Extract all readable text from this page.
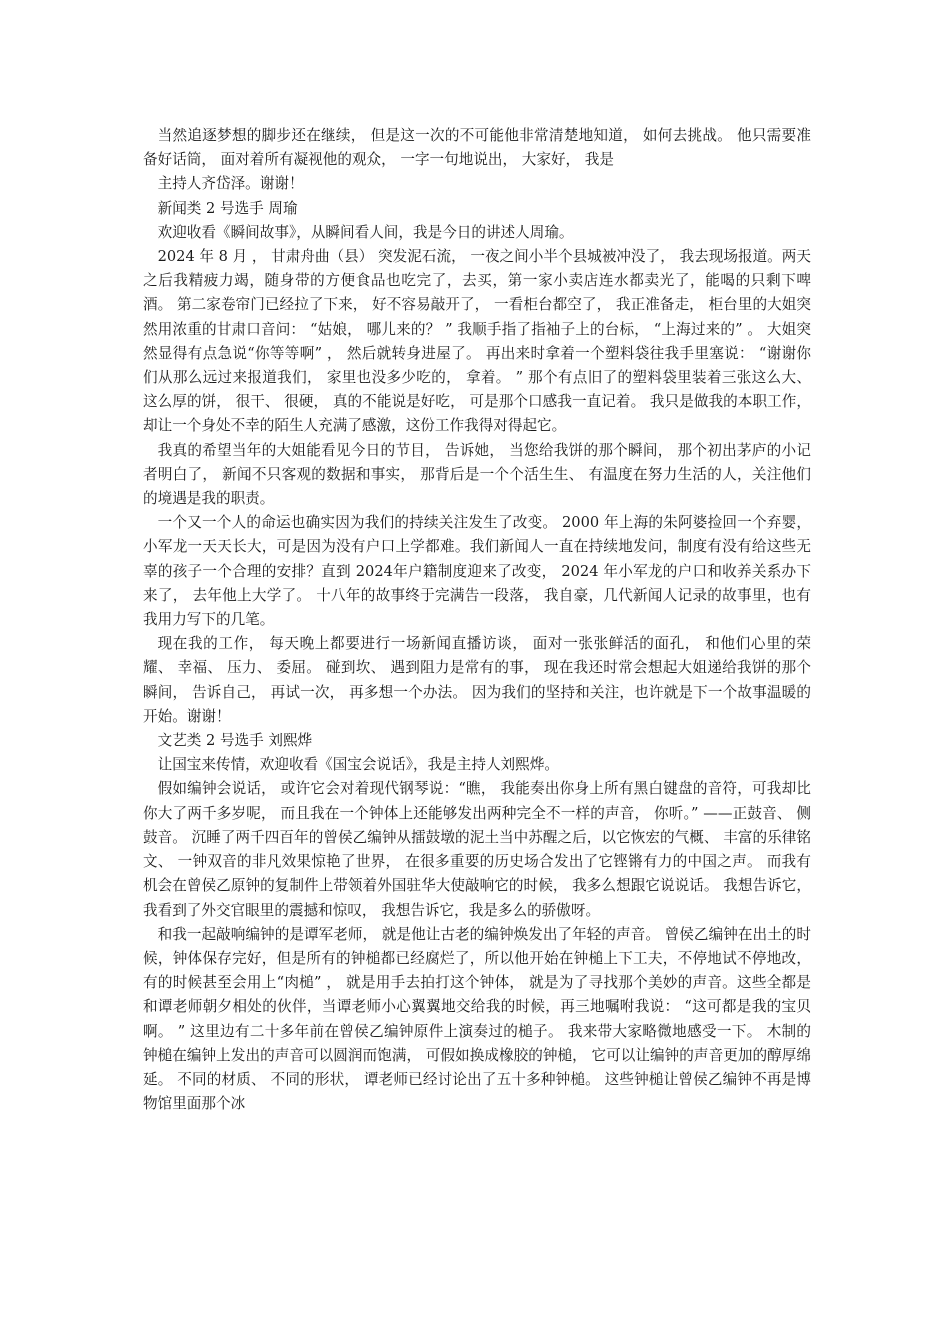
当然追逐梦想的脚步还在继续， 但是这一次的不可能他非常清楚地知道， 如何去挑战。 他只需要准备好话筒， 面对着所有凝视他的观众， 一字一句地说出， 大家好， 我是

主持人齐岱泽。谢谢！

新闻类 2 号选手 周瑜

欢迎收看《瞬间故事》，从瞬间看人间，我是今日的讲述人周瑜。

2024 年 8 月 ， 甘肃舟曲（县） 突发泥石流， 一夜之间小半个县城被冲没了， 我去现场报道。两天之后我精疲力竭，随身带的方便食品也吃完了，去买，第一家小卖店连水都卖光了，能喝的只剩下啤酒。 第二家卷帘门已经拉了下来， 好不容易敲开了， 一看柜台都空了， 我正准备走， 柜台里的大姐突然用浓重的甘肃口音问： “姑娘， 哪儿来的？ ” 我顺手指了指袖子上的台标， “上海过来的” 。 大姐突然显得有点急说“你等等啊” ， 然后就转身进屋了。 再出来时拿着一个塑料袋往我手里塞说： “谢谢你们从那么远过来报道我们， 家里也没多少吃的， 拿着。 ” 那个有点旧了的塑料袋里装着三张这么大、 这么厚的饼， 很干、 很硬， 真的不能说是好吃， 可是那个口感我一直记着。 我只是做我的本职工作， 却让一个身处不幸的陌生人充满了感激，这份工作我得对得起它。

我真的希望当年的大姐能看见今日的节目， 告诉她， 当您给我饼的那个瞬间， 那个初出茅庐的小记者明白了， 新闻不只客观的数据和事实， 那背后是一个个活生生、 有温度在努力生活的人，关注他们的境遇是我的职责。

一个又一个人的命运也确实因为我们的持续关注发生了改变。 2000 年上海的朱阿婆捡回一个弃婴，小军龙一天天长大，可是因为没有户口上学都难。我们新闻人一直在持续地发问，制度有没有给这些无辜的孩子一个合理的安排？直到 2024年户籍制度迎来了改变， 2024 年小军龙的户口和收养关系办下来了， 去年他上大学了。 十八年的故事终于完满告一段落， 我自豪，几代新闻人记录的故事里，也有我用力写下的几笔。

现在我的工作， 每天晚上都要进行一场新闻直播访谈， 面对一张张鲜活的面孔， 和他们心里的荣耀、 幸福、 压力、 委屈。 碰到坎、 遇到阻力是常有的事， 现在我还时常会想起大姐递给我饼的那个瞬间， 告诉自己， 再试一次， 再多想一个办法。 因为我们的坚持和关注，也许就是下一个故事温暖的开始。谢谢！

文艺类 2 号选手 刘熙烨

让国宝来传情，欢迎收看《国宝会说话》，我是主持人刘熙烨。

假如编钟会说话， 或许它会对着现代钢琴说：“瞧， 我能奏出你身上所有黑白键盘的音符，可我却比你大了两千多岁呢， 而且我在一个钟体上还能够发出两种完全不一样的声音， 你听。” ——正鼓音、 侧鼓音。 沉睡了两千四百年的曾侯乙编钟从擂鼓墩的泥土当中苏醒之后，以它恢宏的气概、 丰富的乐律铭文、 一钟双音的非凡效果惊艳了世界， 在很多重要的历史场合发出了它铿锵有力的中国之声。 而我有机会在曾侯乙原钟的复制件上带领着外国驻华大使敲响它的时候， 我多么想跟它说说话。 我想告诉它， 我看到了外交官眼里的震撼和惊叹， 我想告诉它，我是多么的骄傲呀。

和我一起敲响编钟的是谭军老师， 就是他让古老的编钟焕发出了年轻的声音。 曾侯乙编钟在出土的时候，钟体保存完好，但是所有的钟槌都已经腐烂了，所以他开始在钟槌上下工夫，不停地试不停地改， 有的时候甚至会用上“肉槌” ， 就是用手去拍打这个钟体， 就是为了寻找那个美妙的声音。这些全都是和谭老师朝夕相处的伙伴，当谭老师小心翼翼地交给我的时候，再三地嘱咐我说： “这可都是我的宝贝啊。 ” 这里边有二十多年前在曾侯乙编钟原件上演奏过的槌子。 我来带大家略微地感受一下。 木制的钟槌在编钟上发出的声音可以圆润而饱满， 可假如换成橡胶的钟槌， 它可以让编钟的声音更加的醇厚绵延。 不同的材质、 不同的形状， 谭老师已经讨论出了五十多种钟槌。 这些钟槌让曾侯乙编钟不再是博物馆里面那个冰
